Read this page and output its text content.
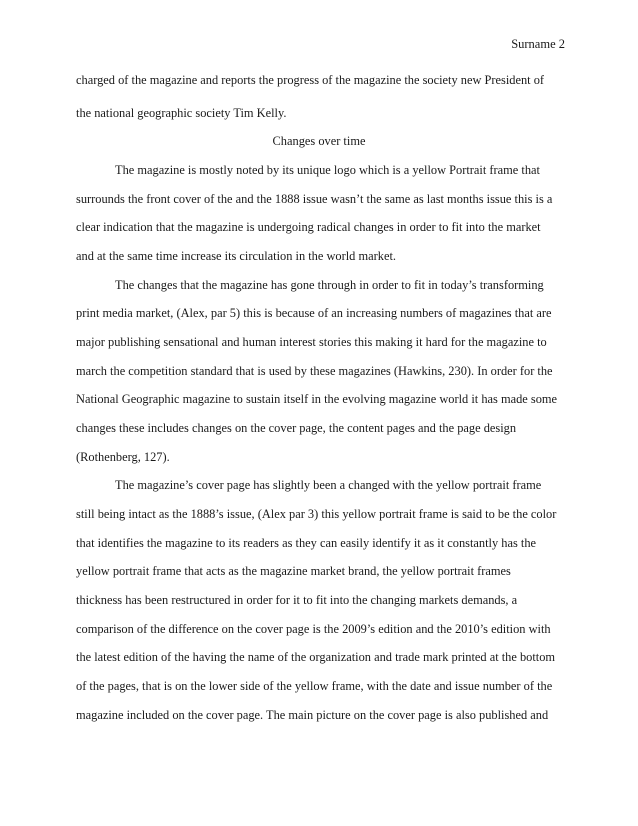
Surname 2
charged of the magazine and reports the progress of the magazine the society new President of
the national geographic society Tim Kelly.
Changes over time
The magazine is mostly noted by its unique logo which is a yellow Portrait frame that
surrounds the front cover of the and the 1888 issue wasn’t the same as last months issue this is a
clear indication that the magazine is undergoing radical changes in order to fit into the market
and at the same time increase its circulation in the world market.
The changes that the magazine has gone through in order to fit in today’s transforming
print media market, (Alex, par 5) this is because of an increasing numbers of magazines that are
major publishing sensational and human interest stories this making it hard for the magazine to
march the competition standard that is used by these magazines (Hawkins, 230). In order for the
National Geographic magazine to sustain itself in the evolving magazine world it has made some
changes these includes changes on the cover page, the content pages and the page design
(Rothenberg, 127).
The magazine’s cover page has slightly been a changed with the yellow portrait frame
still being intact as the 1888’s issue, (Alex par 3) this yellow portrait frame is said to be the color
that identifies the magazine to its readers as they can easily identify it as it constantly has the
yellow portrait frame that acts as the magazine market brand, the yellow portrait frames
thickness has been restructured in order for it to fit into the changing markets demands, a
comparison of the difference on the cover page is the 2009’s edition and the 2010’s edition with
the latest edition of the having the name of the organization and trade mark printed at the bottom
of the pages, that is on the lower side of the yellow frame, with the date and issue number of the
magazine included on the cover page. The main picture on the cover page is also published and
